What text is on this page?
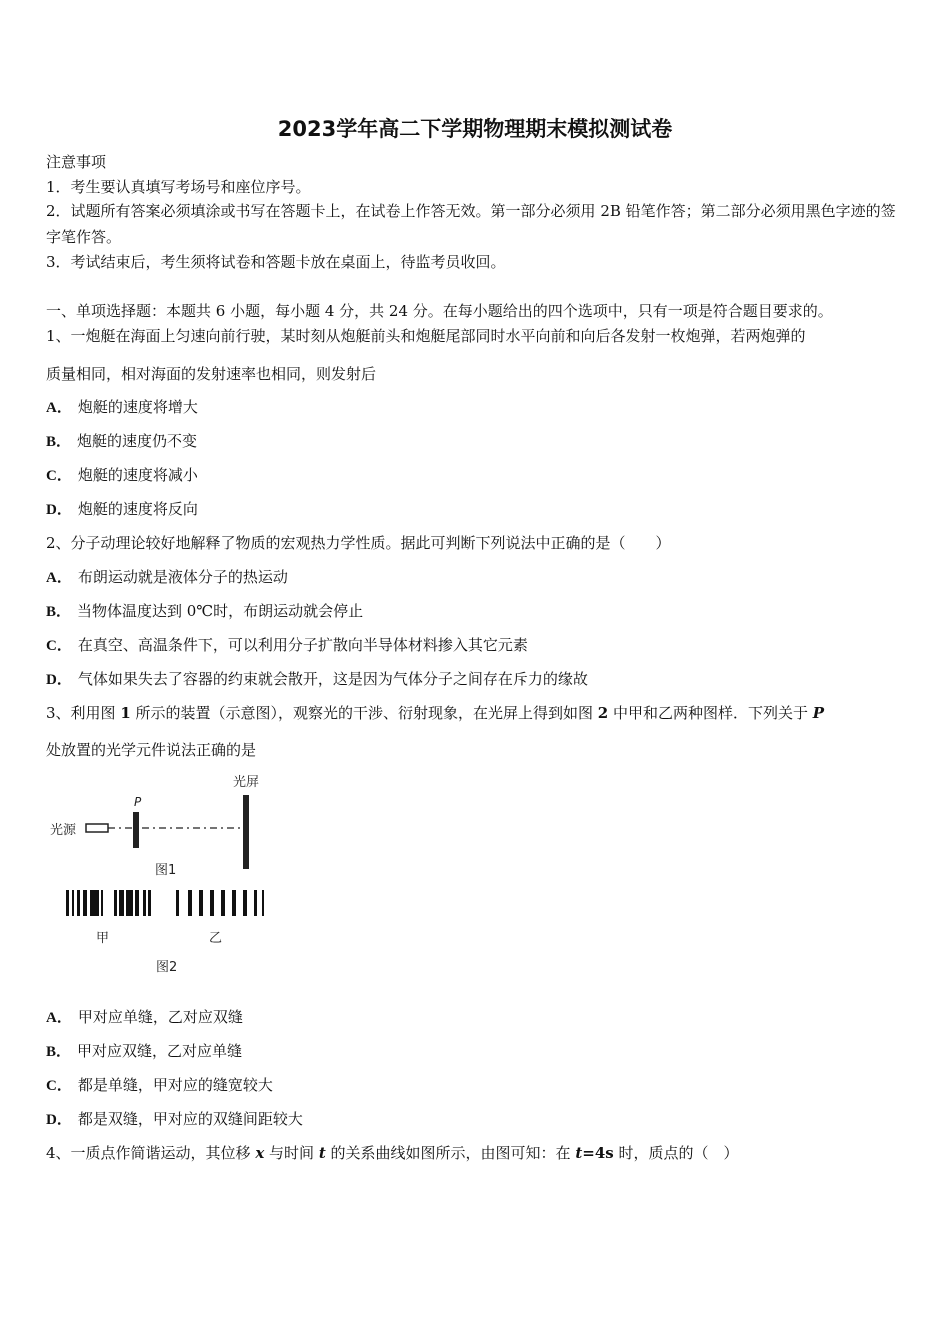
2023学年高二下学期物理期末模拟测试卷
注意事项
1．考生要认真填写考场号和座位序号。
2．试题所有答案必须填涂或书写在答题卡上，在试卷上作答无效。第一部分必须用 2B 铅笔作答；第二部分必须用黑色字迹的签字笔作答。
3．考试结束后，考生须将试卷和答题卡放在桌面上，待监考员收回。
一、单项选择题：本题共 6 小题，每小题 4 分，共 24 分。在每小题给出的四个选项中，只有一项是符合题目要求的。
1、一炮艇在海面上匀速向前行驶，某时刻从炮艇前头和炮艇尾部同时水平向前和向后各发射一枚炮弹，若两炮弹的
质量相同，相对海面的发射速率也相同，则发射后
A． 炮艇的速度将增大
B． 炮艇的速度仍不变
C． 炮艇的速度将减小
D． 炮艇的速度将反向
2、分子动理论较好地解释了物质的宏观热力学性质。据此可判断下列说法中正确的是（　　）
A． 布朗运动就是液体分子的热运动
B． 当物体温度达到 0℃时，布朗运动就会停止
C． 在真空、高温条件下，可以利用分子扩散向半导体材料掺入其它元素
D． 气体如果失去了容器的约束就会散开，这是因为气体分子之间存在斥力的缘故
3、利用图 1 所示的装置（示意图），观察光的干涉、衍射现象，在光屏上得到如图 2 中甲和乙两种图样．下列关于 P
处放置的光学元件说法正确的是
光源
P
光屏
图1
甲	乙
图2
A． 甲对应单缝，乙对应双缝
B． 甲对应双缝，乙对应单缝
C． 都是单缝，甲对应的缝宽较大
D． 都是双缝，甲对应的双缝间距较大
4、一质点作简谐运动，其位移 x 与时间 t 的关系曲线如图所示，由图可知：在 t=4s 时，质点的（　）
